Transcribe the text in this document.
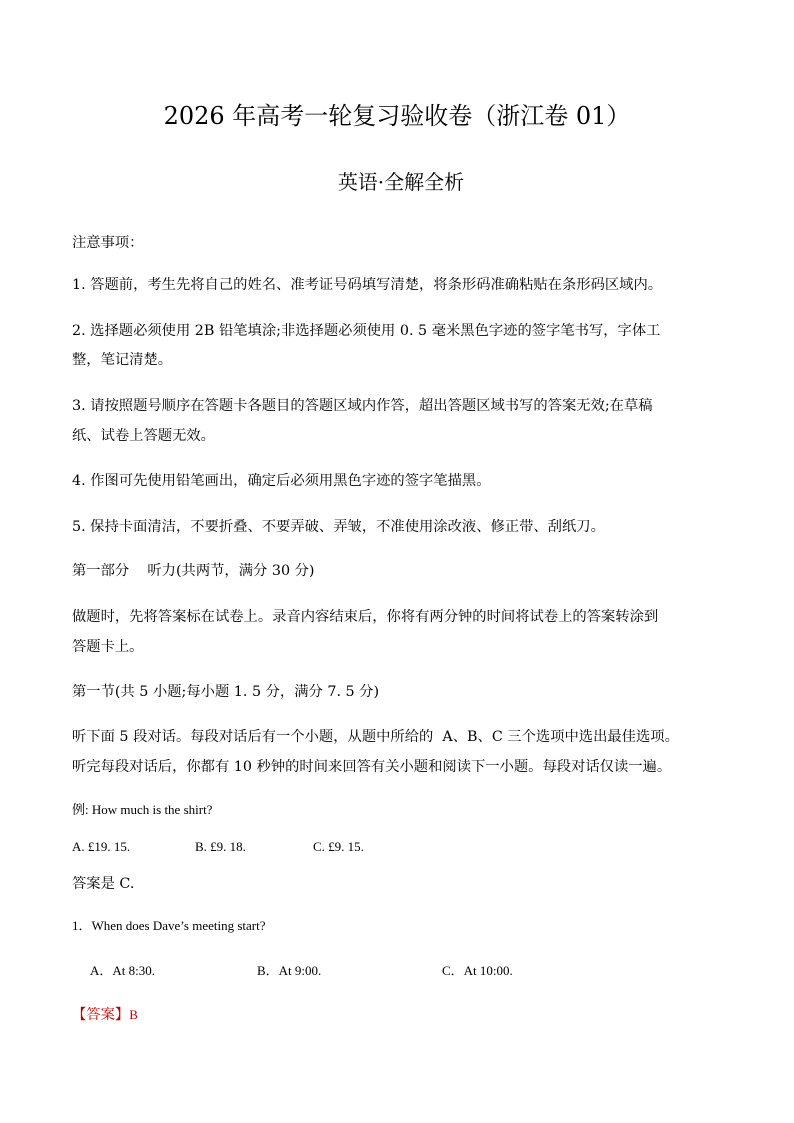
2026 年高考一轮复习验收卷（浙江卷 01）
英语·全解全析
注意事项：
1. 答题前，考生先将自己的姓名、准考证号码填写清楚，将条形码准确粘贴在条形码区域内。
2. 选择题必须使用 2B 铅笔填涂;非选择题必须使用 0. 5 毫米黑色字迹的签字笔书写，字体工
整，笔记清楚。
3. 请按照题号顺序在答题卡各题目的答题区域内作答，超出答题区域书写的答案无效;在草稿
纸、试卷上答题无效。
4. 作图可先使用铅笔画出，确定后必须用黑色字迹的签字笔描黑。
5. 保持卡面清洁，不要折叠、不要弄破、弄皱，不准使用涂改液、修正带、刮纸刀。
第一部分    听力(共两节，满分 30 分)
做题时，先将答案标在试卷上。录音内容结束后，你将有两分钟的时间将试卷上的答案转涂到
答题卡上。
第一节(共 5 小题;每小题 1. 5 分，满分 7. 5 分)
听下面 5 段对话。每段对话后有一个小题，从题中所给的  A、B、C 三个选项中选出最佳选项。
听完每段对话后，你都有 10 秒钟的时间来回答有关小题和阅读下一小题。每段对话仅读一遍。
例: How much is the shirt?
A. £19. 15.	B. £9. 18.	C. £9. 15.
答案是 C.
1．When does Dave’s meeting start?
A．At 8:30.	B．At 9:00.	C．At 10:00.
【答案】B
